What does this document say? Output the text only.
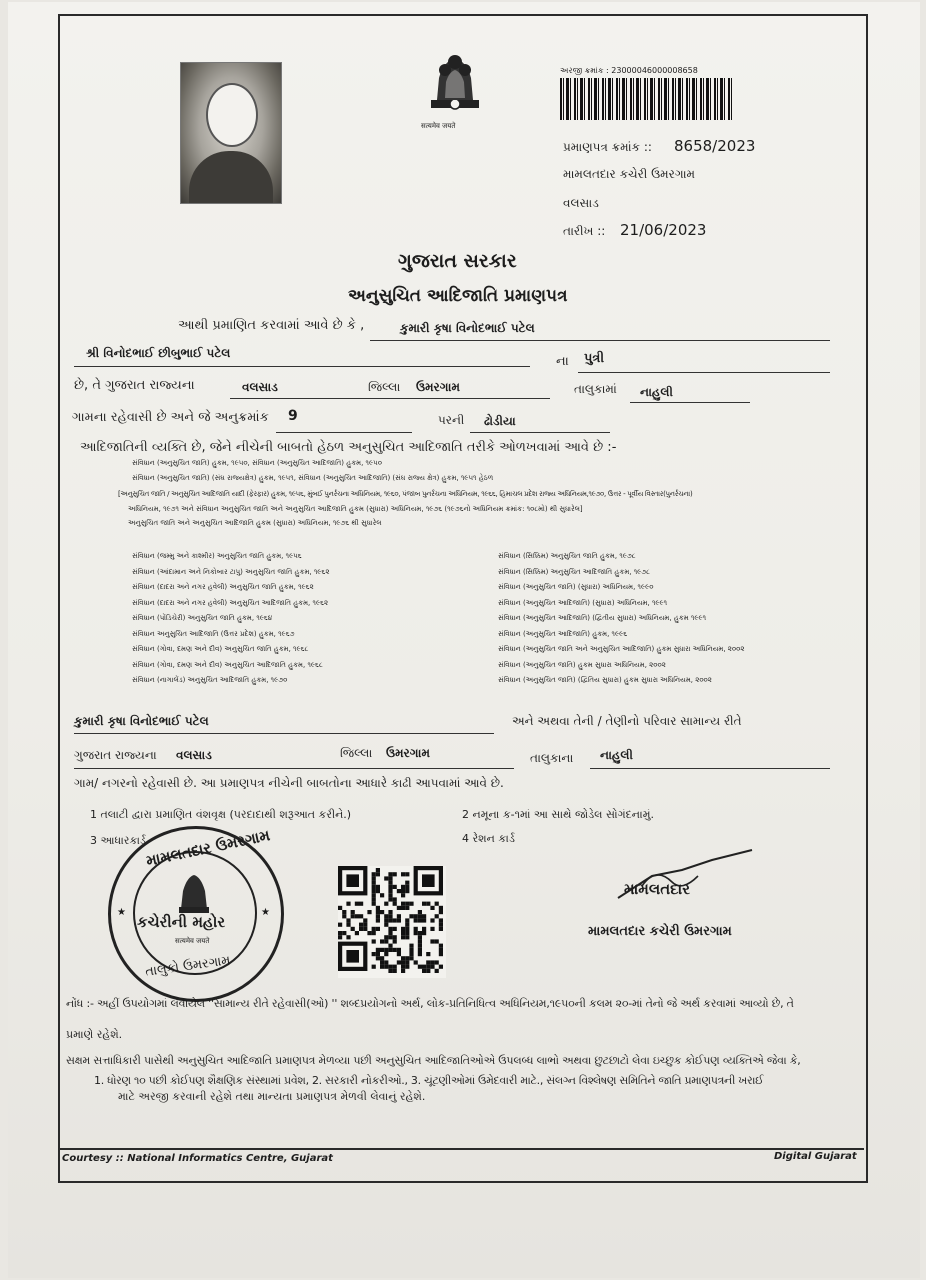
सत्यमेव जयते
અરજી ક્રમાંક : 23000046000008658
પ્રમાણપત્ર ક્રમાંક :: 8658/2023
મામલતદાર કચેરી ઉમરગામ
વલસાડ
તારીખ :: 21/06/2023
ગુજરાત સરકાર
અનુસુચિત આદિજાતિ પ્રમાણપત્ર
આથી પ્રમાણિત કરવામાં આવે છે કે ,	કુમારી કૃષા વિનોદભાઈ પટેલ
શ્રી વિનોદભાઈ છીબુભાઈ પટેલ
ના પુત્રી
છે, તે ગુજરાત રાજ્યના	વલસાડ	જિલ્લા ઉમરગામ	તાલુકામાં નાહુલી
ગામના રહેવાસી છે અને જે અનુક્રમાંક 9	પરની ઢોડીયા
આદિજાતિની વ્યક્તિ છે, જેને નીચેની બાબતો હેઠળ અનુસુચિત આદિજાતિ તરીકે ઓળખવામાં આવે છે :-
સંવિધાન (અનુસુચિત જાતિ) હુકમ, ૧૯૫૦, સંવિધાન (અનુસુચિત આદિજાતિ) હુકમ, ૧૯૫૦
સંવિધાન (અનુસુચિત જાતિ) (સંઘ રાજ્યક્ષેત્ર) હુકમ, ૧૯૫૧, સંવિધાન (અનુસુચિત આદિજાતિ) (સંઘ રાજ્ય ક્ષેત્ર) હુકમ, ૧૯૫૧ હેઠળ
[અનુસુચિત જાતિ / અનુસુચિત આદિજાતિ યાદી (ફેરફાર) હુકમ, ૧૯૫૬, મુંબઈ પુનર્રચના અધિનિયમ, ૧૯૬૦, પંજાબ પુનર્રચના અધિનિયમ, ૧૯૬૬, હિમાચલ પ્રદેશ રાજ્ય અધિનિયમ,૧૯૭૦, ઉત્તર - પૂર્વીય વિસ્તાર(પુનર્રચના)
અધિનિયમ, ૧૯૭૧ અને સંવિધાન અનુસુચિત જાતિ અને અનુસુચિત આદિજાતિ હુકમ (સુધારા) અધિનિયમ, ૧૯૭૬ (૧૯૭૬નો અધિનિયમ ક્રમાંક: ૧૦૮મો) થી સુધારેલ]
અનુસુચિત જાતિ અને અનુસુચિત આદિજાતિ હુકમ (સુધારા) અધિનિયમ, ૧૯૭૬ થી સુધારેલ
સંવિધાન (જમ્મુ અને કાશ્મીર) અનુસુચિત જાતિ હુકમ, ૧૯૫૬
સંવિધાન (આંદામાન અને નિકોબાર ટાપુ) અનુસુચિત જાતિ હુકમ, ૧૯૬૨
સંવિધાન (દાદરા અને નગર હવેલી) અનુસુચિત જાતિ હુકમ, ૧૯૬૨
સંવિધાન (દાદરા અને નગર હવેલી) અનુસુચિત આદિજાતિ હુકમ, ૧૯૬૨
સંવિધાન (પોંડિચેરી) અનુસુચિત જાતિ હુકમ, ૧૯૬૪
સંવિધાન અનુસુચિત આદિજાતિ (ઉત્તર પ્રદેશ) હુકમ, ૧૯૬૭
સંવિધાન (ગોવા, દમણ અને દીવ) અનુસુચિત જાતિ હુકમ, ૧૯૬૮
સંવિધાન (ગોવા, દમણ અને દીવ) અનુસુચિત આદિજાતિ હુકમ, ૧૯૬૮
સંવિધાન (નાગાલેંડ) અનુસુચિત આદિજાતિ હુકમ, ૧૯૭૦
સંવિધાન (સિક્કિમ) અનુસુચિત જાતિ હુકમ, ૧૯૭૮
સંવિધાન (સિક્કિમ) અનુસુચિત આદિજાતિ હુકમ, ૧૯૭૮
સંવિધાન (અનુસુચિત જાતિ) (સુધારા) અધિનિયમ, ૧૯૯૦
સંવિધાન (અનુસુચિત આદિજાતિ) (સુધારા) અધિનિયમ, ૧૯૯૧
સંવિધાન (અનુસુચિત આદિજાતિ) (દ્વિતીય સુધારા) અધિનિયમ, હુકમ ૧૯૯૧
સંવિધાન (અનુસુચિત આદિજાતિ) હુકમ, ૧૯૯૬
સંવિધાન (અનુસુચિત જાતિ અને અનુસુચિત આદિજાતિ) હુકમ સુધારા અધિનિયમ, ૨૦૦૨
સંવિધાન (અનુસુચિત જાતિ) હુકમ સુધારા અધિનિયમ, ૨૦૦૨
સંવિધાન (અનુસુચિત જાતિ) (દ્વિતિય સુધારા) હુકમ સુધારા અધિનિયમ, ૨૦૦૨
કુમારી કૃષા વિનોદભાઈ પટેલ	અને અથવા તેની / તેણીનો પરિવાર સામાન્ય રીતે
ગુજરાત રાજ્યના વલસાડ	જિલ્લા ઉમરગામ	તાલુકાના નાહુલી
ગામ/ નગરનો રહેવાસી છે. આ પ્રમાણપત્ર નીચેની બાબતોના આધારે કાઢી આપવામાં આવે છે.
1 તલાટી દ્વારા પ્રમાણિત વંશવૃક્ષ (પરદાદાથી શરૂઆત કરીને.)	2 નમૂના ક-૧માં આ સાથે જોડેલ સોગંદનામું.
3 આધારકાર્ડ	4 રેશન કાર્ડ
મામલતદાર ઉમરગામ
કચેરીની મહોર
सत्यमेव जयते
તાલુકો ઉમરગામ
★	★
મામલતદાર
મામલતદાર કચેરી ઉમરગામ
નોંધ :- અહીં ઉપયોગમાં લેવાયેલ ''સામાન્ય રીતે રહેવાસી(ઓ) '' શબ્દપ્રયોગનો અર્થ, લોક-પ્રતિનિધિત્વ અધિનિયમ,૧૯૫૦ની કલમ ૨૦-માં તેનો જે અર્થ કરવામાં આવ્યો છે, તે
પ્રમાણે રહેશે.
સક્ષમ સત્તાધિકારી પાસેથી અનુસુચિત આદિજાતિ પ્રમાણપત્ર મેળવ્યા પછી અનુસુચિત આદિજાતિઓએ ઉપલબ્ધ લાભો અથવા છુટછાટો લેવા ઇચ્છુક કોઈપણ વ્યક્તિએ જેવા કે,
1. ધોરણ ૧૦ પછી કોઈપણ શૈક્ષણિક સંસ્થામાં પ્રવેશ, 2. સરકારી નોકરીઓ., 3. ચૂંટણીઓમાં ઉમેદવારી માટે., સંલગ્ન વિશ્લેષણ સમિતિને જાતિ પ્રમાણપત્રની ખરાઈ
માટે અરજી કરવાની રહેશે તથા માન્યતા પ્રમાણપત્ર મેળવી લેવાનું રહેશે.
Courtesy :: National Informatics Centre, Gujarat	Digital Gujarat
